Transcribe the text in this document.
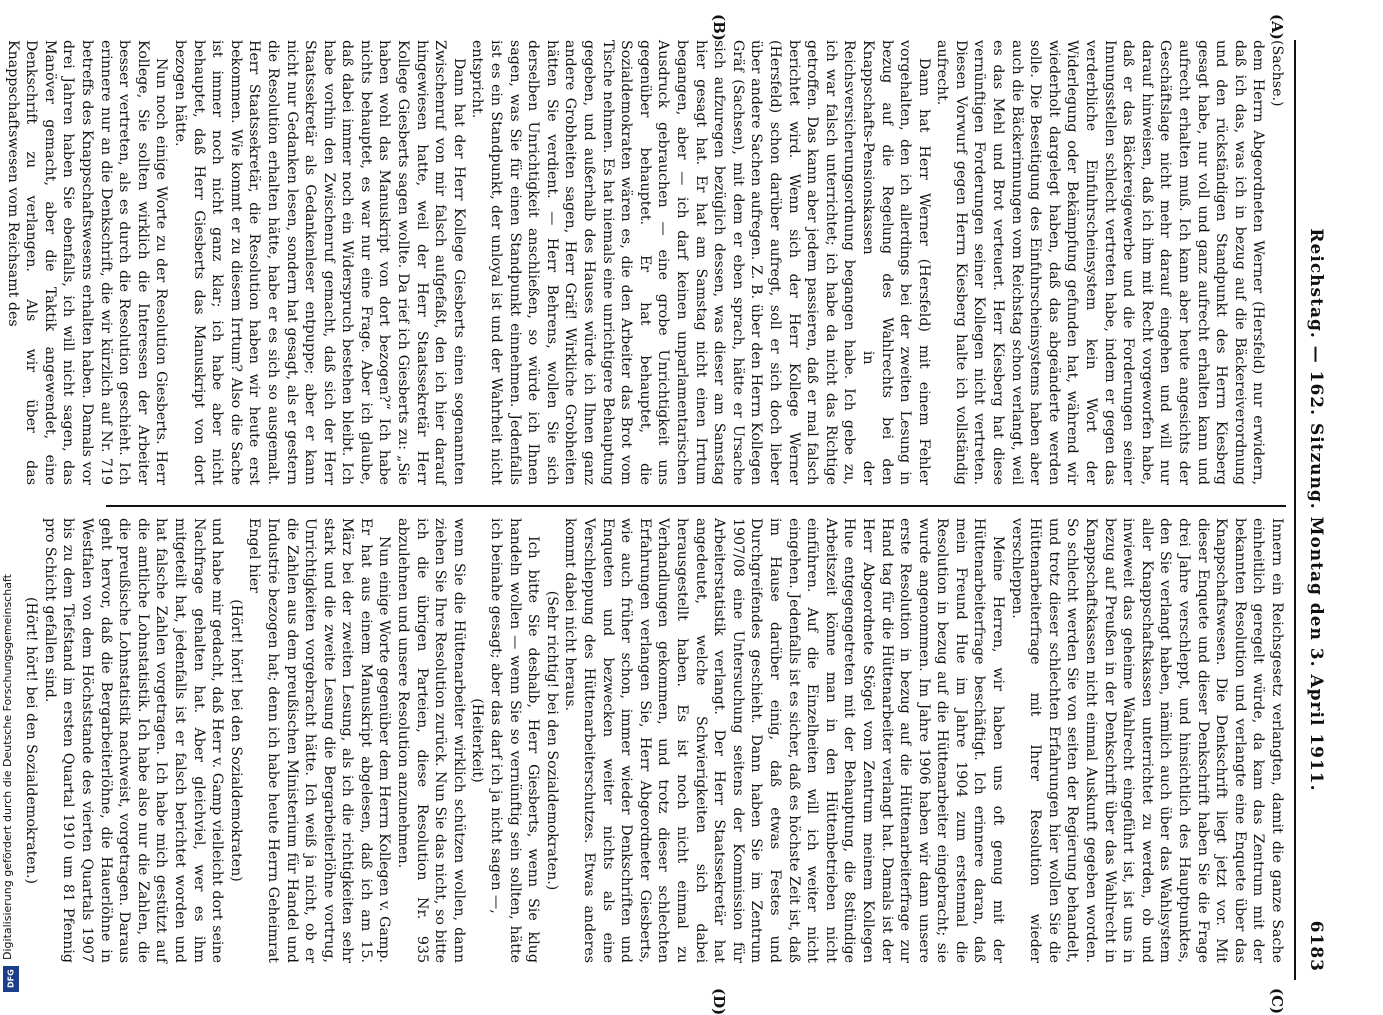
Digitalisierung gefördert durch die Deutsche Forschungsgemeinschaft
DFG
Reichstag. — 162. Sitzung. Montag den 3. April 1911.
6183
(A)
(B)
(C)
(D)

(Sachse.)

dem Herrn Abgeordneten Werner (Hersfeld) nur erwidern, daß ich das, was ich in bezug auf die Bäckereiverordnung und den rückständigen Standpunkt des Herrn Kiesberg gesagt habe, nur voll und ganz aufrecht erhalten kann und aufrecht erhalten muß. Ich kann aber heute angesichts der Geschäftslage nicht mehr darauf eingehen und will nur darauf hinweisen, daß ich ihm mit Recht vorgeworfen habe, daß er das Bäckereigewerbe und die Forderungen seiner Innungsstellen schlecht vertreten habe, indem er gegen das verderbliche Einfuhrscheinsystem kein Wort der Widerlegung oder Bekämpfung gefunden hat, während wir wiederholt dargelegt haben, daß das abgeänderte werden solle. Die Beseitigung des Einfuhrscheinsystems haben aber auch die Bäckerinnungen vom Reichstag schon verlangt, weil es das Mehl und Brot verteuert. Herr Kiesberg hat diese vernünftigen Forderungen seiner Kollegen nicht vertreten. Diesen Vorwurf gegen Herrn Kiesberg halte ich vollständig aufrecht.

Dann hat Herr Werner (Hersfeld) mit einem Fehler vorgehalten, den ich allerdings bei der zweiten Lesung in bezug auf die Regelung des Wahlrechts bei den Knappschafts-Pensionskassen in der Reichsversicherungsordnung begangen habe. Ich gebe zu, ich war falsch unterrichtet; ich habe da nicht das Richtige getroffen. Das kann aber jedem passieren, daß er mal falsch berichtet wird. Wenn sich der Herr Kollege Werner (Hersfeld) schon darüber aufregt, soll er sich doch lieber über andere Sachen aufregen. Z. B. über den Herrn Kollegen Gräf (Sachsen), mit dem er eben sprach, hätte er Ursache sich aufzuregen bezüglich dessen, was dieser am Samstag hier gesagt hat. Er hat am Samstag nicht einen Irrtum begangen, aber — ich darf keinen unparlamentarischen Ausdruck gebrauchen — eine grobe Unrichtigkeit uns gegenüber behauptet. Er hat behauptet, die Sozialdemokraten wären es, die den Arbeiter das Brot vom Tische nehmen. Es hat niemals eine unrichtigere Behauptung gegeben, und außerhalb des Hauses würde ich Ihnen ganz andere Grobheiten sagen, Herr Gräf! Wirkliche Grobheiten hätten Sie verdient. — Herr Behrens, wollen Sie sich derselben Unrichtigkeit anschließen, so würde ich Ihnen sagen, was Sie für einen Standpunkt einnehmen. Jedenfalls ist es ein Standpunkt, der unloyal ist und der Wahrheit nicht entspricht.

Dann hat der Herr Kollege Giesberts einen sogenannten Zwischenruf von mir falsch aufgefaßt, den ich hier darauf hingewiesen hatte, weil der Herr Staatssekretär Herr Kollege Giesberts sagen wollte. Da rief ich Giesberts zu: „Sie haben wohl das Manuskript von dort bezogen?“ Ich habe nichts behauptet, es war nur eine Frage. Aber ich glaube, daß dabei immer noch ein Widerspruch bestehen bleibt. Ich habe vorhin den Zwischenruf gemacht, daß sich der Herr Staatssekretär als Gedankenleser entpuppe; aber er kann nicht nur Gedanken lesen, sondern hat gesagt, als er gestern die Resolution erhalten hätte, habe er es sich so ausgemalt. Herr Staatssekretär, die Resolution haben wir heute erst bekommen. Wie kommt er zu diesem Irrtum? Also die Sache ist immer noch nicht ganz klar; ich habe aber nicht behauptet, daß Herr Giesberts das Manuskript von dort bezogen hätte.

Nun noch einige Worte zu der Resolution Giesberts. Herr Kollege, Sie sollten wirklich die Interessen der Arbeiter besser vertreten, als es durch die Resolution geschieht. Ich erinnere nur an die Denkschrift, die wir kürzlich auf Nr. 719 betreffs des Knappschaftswesens erhalten haben. Damals vor drei Jahren haben Sie ebenfalls, ich will nicht sagen, das Manöver gemacht, aber die Taktik angewendet, eine Denkschrift zu verlangen. Als wir über das Knappschaftswesen vom Reichsamt des

Innern ein Reichsgesetz verlangten, damit die ganze Sache einheitlich geregelt würde, da kam das Zentrum mit der bekannten Resolution und verlangte eine Enquete über das Knappschaftswesen. Die Denkschrift liegt jetzt vor. Mit dieser Enquete und dieser Denkschrift haben Sie die Frage drei Jahre verschleppt, und hinsichtlich des Hauptpunktes, den Sie verlangt haben, nämlich auch über das Wahlsystem aller Knappschaftskassen unterrichtet zu werden, ob und inwieweit das geheime Wahlrecht eingeführt ist, ist uns in bezug auf Preußen in der Denkschrift über das Wahlrecht in Knappschaftskassen nicht einmal Auskunft gegeben worden. So schlecht werden Sie von seiten der Regierung behandelt, und trotz dieser schlechten Erfahrungen hier wollen Sie die Hüttenarbeiterfrage mit Ihrer Resolution wieder verschleppen.

Meine Herren, wir haben uns oft genug mit der Hüttenarbeiterfrage beschäftigt. Ich erinnere daran, daß mein Freund Hue im Jahre 1904 zum erstenmal die Resolution in bezug auf die Hüttenarbeiter eingebracht; sie wurde angenommen. Im Jahre 1906 haben wir dann unsere erste Resolution in bezug auf die Hüttenarbeiterfrage zur Hand tag für die Hüttenarbeiter verlangt hat. Damals ist der Herr Abgeordnete Stögel vom Zentrum meinem Kollegen Hue entgegengetreten mit der Behauptung, die 8stündige Arbeitszeit könne man in den Hüttenbetrieben nicht einführen. Auf die Einzelheiten will ich weiter nicht eingehen. Jedenfalls ist es sicher, daß es höchste Zeit ist, daß im Hause darüber einig, daß etwas Festes und Durchgreifendes geschieht. Dann haben Sie im Zentrum 1907/08 eine Untersuchung seitens der Kommission für Arbeiterstatistik verlangt. Der Herr Staatssekretär hat angedeutet, welche Schwierigkeiten sich dabei herausgestellt haben. Es ist noch nicht einmal zu Verhandlungen gekommen, und trotz dieser schlechten Erfahrungen verlangen Sie, Herr Abgeordneter Giesberts, wie auch früher schon, immer wieder Denkschriften und Enqueten und bezwecken weiter nichts als eine Verschleppung des Hüttenarbeiterschutzes. Etwas anderes kommt dabei nicht heraus.

(Sehr richtig! bei den Sozialdemokraten.)

Ich bitte Sie deshalb, Herr Giesberts, wenn Sie klug handeln wollen — wenn Sie so vernünftig sein sollten, hätte ich beinahe gesagt; aber das darf ich ja nicht sagen —,

(Heiterkeit)

wenn Sie die Hüttenarbeiter wirklich schützen wollen, dann ziehen Sie Ihre Resolution zurück. Nun Sie das nicht, so bitte ich die übrigen Parteien, diese Resolution Nr. 935 abzulehnen und unsere Resolution anzunehmen.

Nun einige Worte gegenüber dem Herrn Kollegen v. Gamp. Er hat aus einem Manuskript abgelesen, daß ich am 15. März bei der zweiten Lesung, als ich die richtigkeiten sehr stark und die zweite Lesung die Bergarbeiterlöhne vortrug, Unrichtigkeiten vorgebracht hätte. Ich weiß ja nicht, ob er die Zahlen aus dem preußischen Ministerium für Handel und Industrie bezogen hat; denn ich habe heute Herrn Geheimrat Engel hier

(Hört! hört! bei den Sozialdemokraten)

und habe mir gedacht, daß Herr v. Gamp vielleicht dort seine Nachfrage gehalten hat. Aber gleichviel, wer es ihm mitgeteilt hat, jedenfalls ist er falsch berichtet worden und hat falsche Zahlen vorgetragen. Ich habe mich gestützt auf die amtliche Lohnstatistik. Ich habe also nur die Zahlen, die die preußische Lohnstatistik nachweist, vorgetragen. Daraus geht hervor, daß die Bergarbeiterlöhne, die Hauerlöhne in Westfalen von dem Höchststande des vierten Quartals 1907 bis zu dem Tiefstand im ersten Quartal 1910 um 81 Pfennig pro Schicht gefallen sind.

(Hört! hört! bei den Sozialdemokraten.)
